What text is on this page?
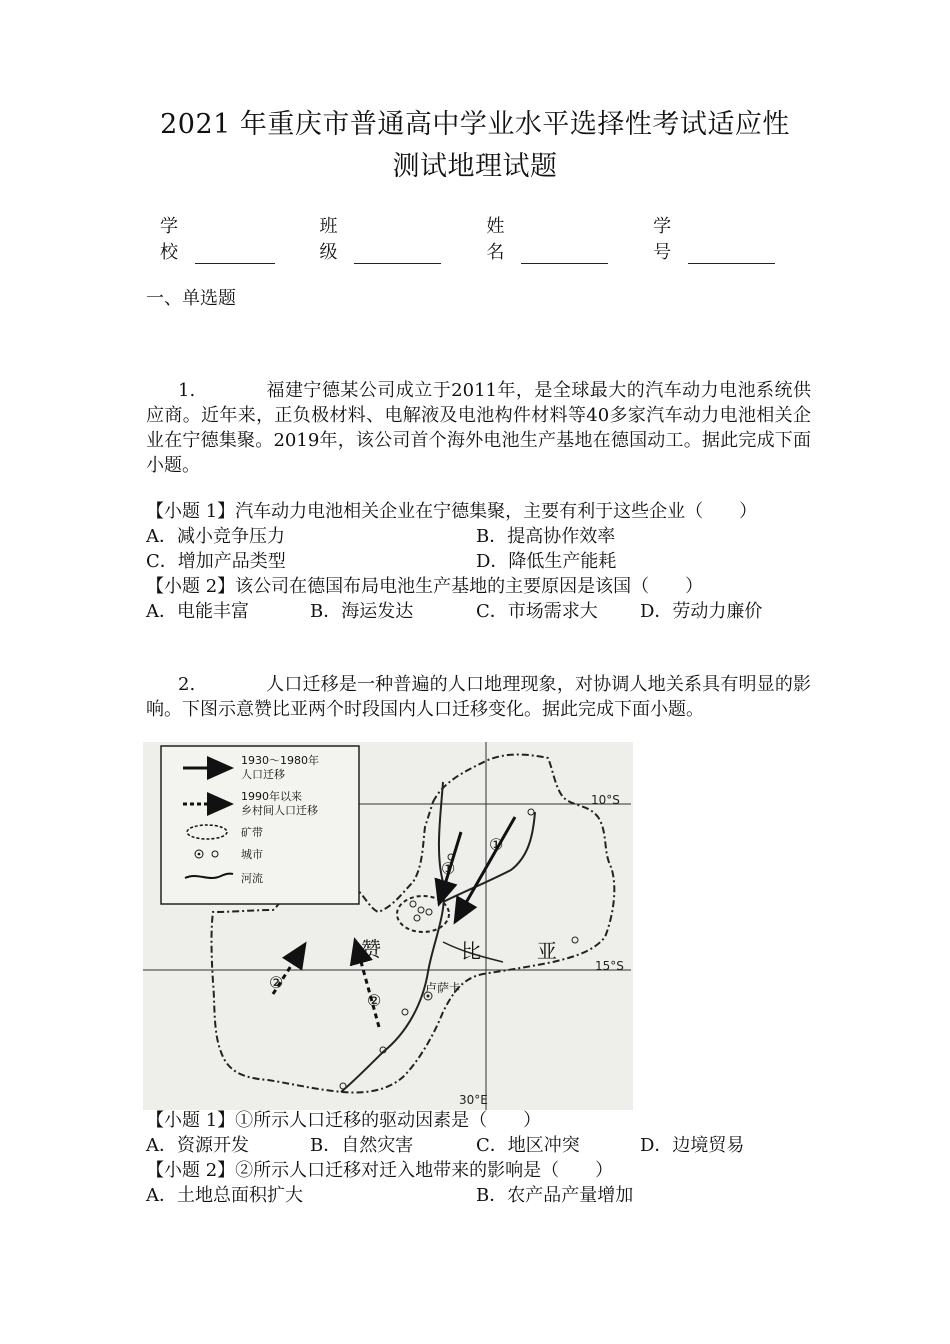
2021 年重庆市普通高中学业水平选择性考试适应性
测试地理试题
学校
班级
姓名
学号
一、单选题
1.	福建宁德某公司成立于2011年，是全球最大的汽车动力电池系统供应商。近年来，正负极材料、电解液及电池构件材料等40多家汽车动力电池相关企业在宁德集聚。2019年，该公司首个海外电池生产基地在德国动工。据此完成下面小题。
【小题 1】汽车动力电池相关企业在宁德集聚，主要有利于这些企业（　　）
A．减小竞争压力	B．提高协作效率
C．增加产品类型	D．降低生产能耗
【小题 2】该公司在德国布局电池生产基地的主要原因是该国（　　）
A．电能丰富	B．海运发达	C．市场需求大 D．劳动力廉价
2.	人口迁移是一种普遍的人口地理现象，对协调人地关系具有明显的影响。下图示意赞比亚两个时段国内人口迁移变化。据此完成下面小题。
10°S
15°S
30°E
赞	比	亚
卢萨卡
①
①
②
②
1930～1980年
人口迁移
1990年以来
乡村间人口迁移
矿带
城市
河流
【小题 1】①所示人口迁移的驱动因素是（　　）
A．资源开发	B．自然灾害	C．地区冲突	D．边境贸易
【小题 2】②所示人口迁移对迁入地带来的影响是（　　）
A．土地总面积扩大	B．农产品产量增加
